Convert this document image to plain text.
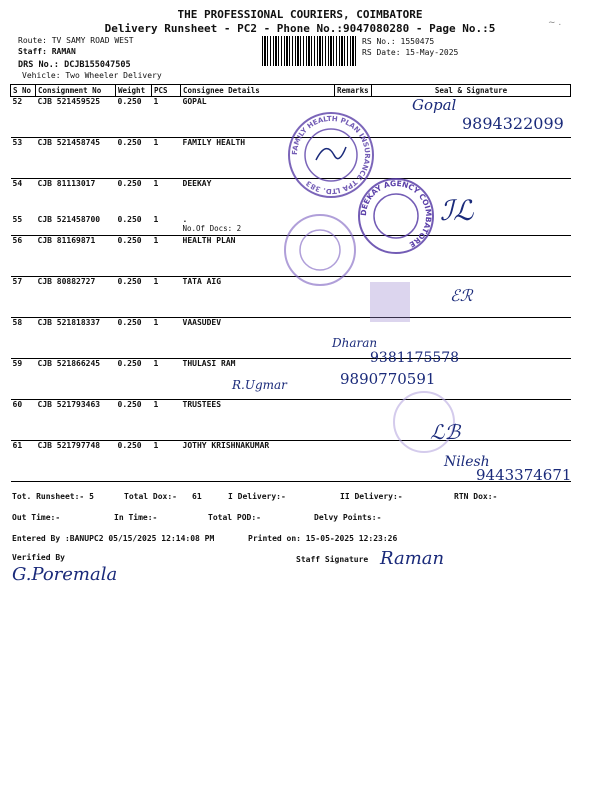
THE PROFESSIONAL COURIERS, COIMBATORE
Delivery Runsheet - PC2 - Phone No.:9047080280 - Page No.:5
Route: TV SAMY ROAD WEST
Staff: RAMAN
DRS No.: DCJB155047505
Vehicle: Two Wheeler Delivery
RS No.: 1550475
RS Date: 15-May-2025
S No	Consignment No	Weight	PCS	Consignee Details	Remarks	Seal & Signature
52	CJB 521459525	0.250	1	GOPAL		
53	CJB 521458745	0.250	1	FAMILY HEALTH		
54	CJB 81113017	0.250	1	DEEKAY		
55	CJB 521458700	0.250	1	.
No.Of Docs: 2		

56	CJB 81169871	0.250	1	HEALTH PLAN		
57	CJB 80882727	0.250	1	TATA AIG		
58	CJB 521818337	0.250	1	VAASUDEV		
59	CJB 521866245	0.250	1	THULASI RAM		
60	CJB 521793463	0.250	1	TRUSTEES		
61	CJB 521797748	0.250	1	JOTHY KRISHNAKUMAR		
FAMILY HEALTH PLAN INSURANCE TPA LTD. 383
DEEKAY AGENCY COIMBATORE
Gopal
9894322099
ℐℒ
ℰℛ
Dharan
9381175578
R.Ugmar	9890770591
ℒℬ
Nilesh
9443374671
~ .
Tot. Runsheet:- 5	Total Dox:- 61	I Delivery:-	II Delivery:-	RTN Dox:-
Out Time:-	In Time:-	Total POD:-	Delvy Points:-
Entered By :BANUPC2 05/15/2025 12:14:08 PM	Printed on: 15-05-2025 12:23:26
Verified By	Staff Signature
G.Poremala
Raman
